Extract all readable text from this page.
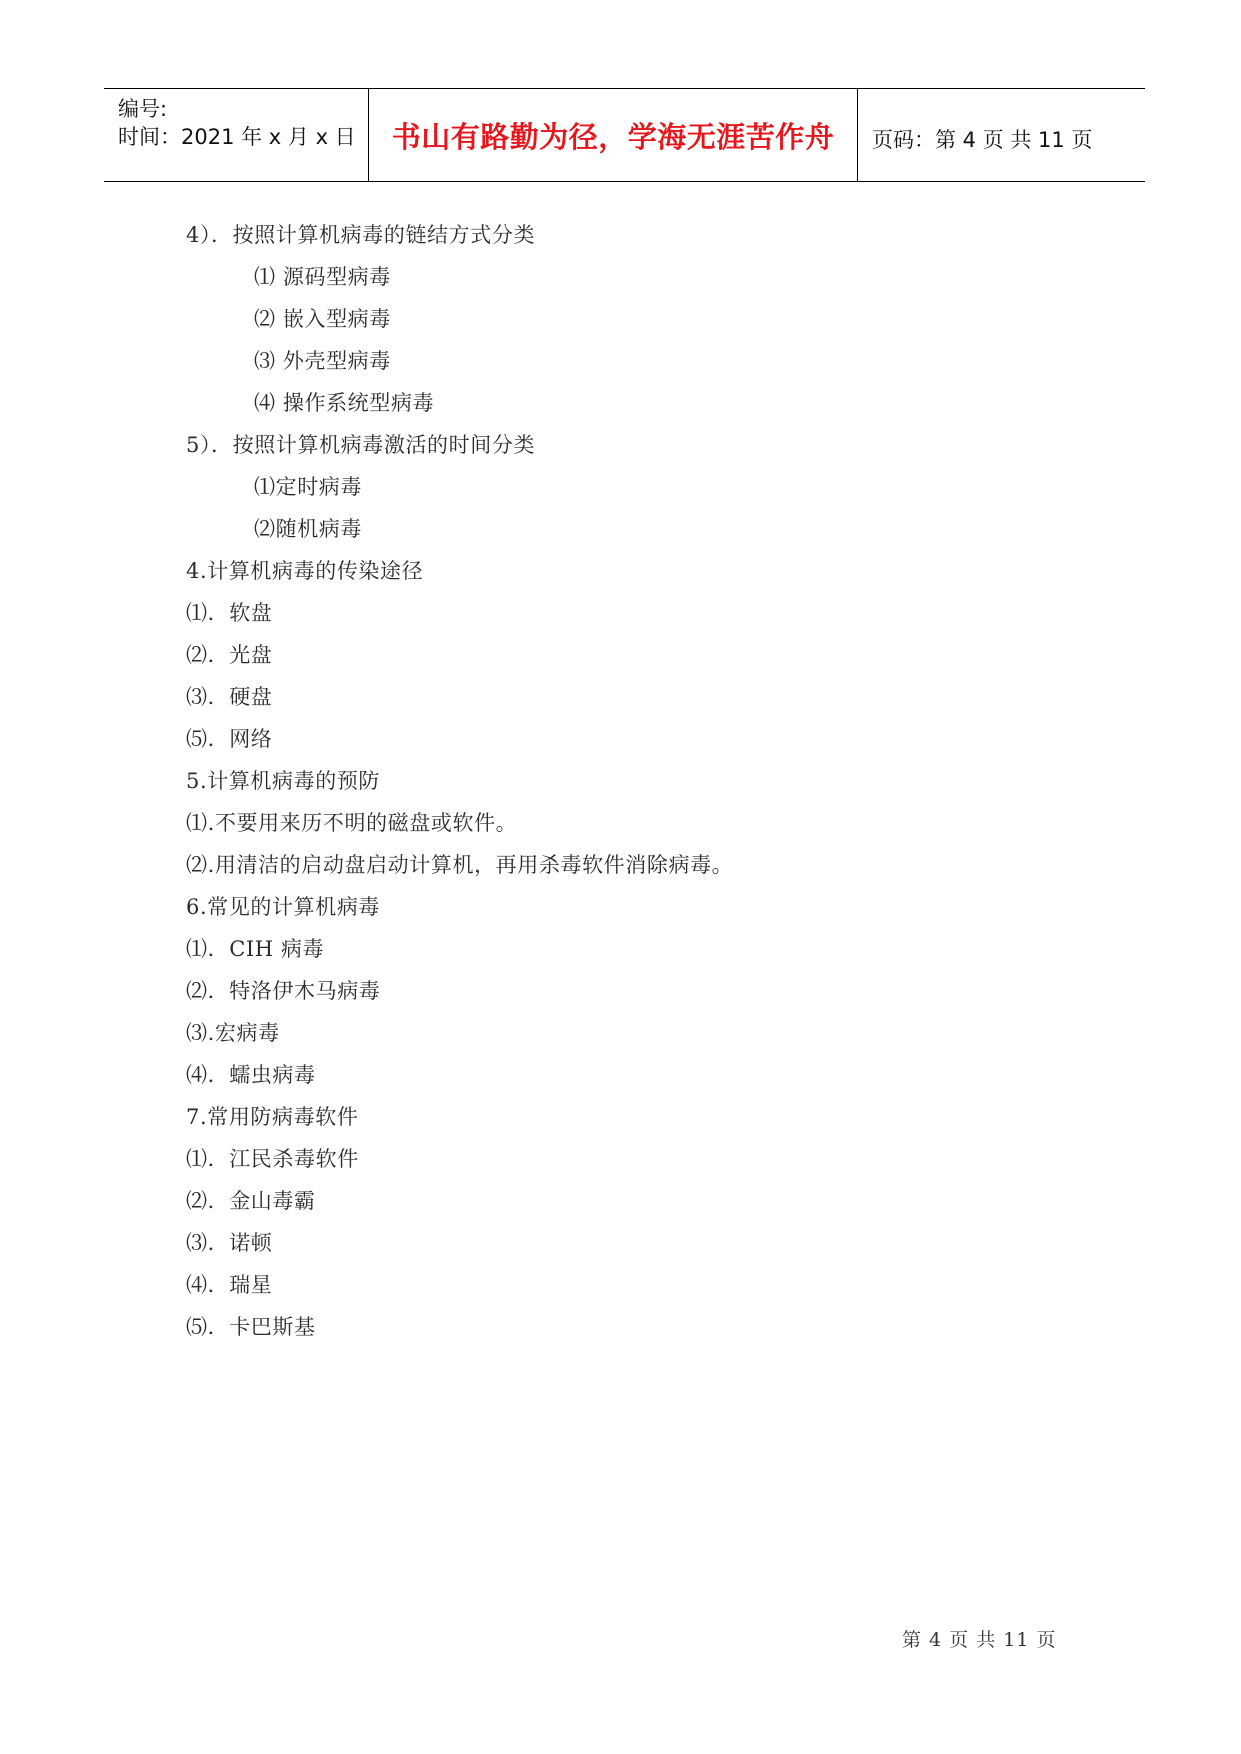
编号:
时间：2021 年 x 月 x 日	书山有路勤为径，学海无涯苦作舟	页码：第 4 页 共 11 页
4）．按照计算机病毒的链结方式分类
⑴ 源码型病毒
⑵ 嵌入型病毒
⑶ 外壳型病毒
⑷ 操作系统型病毒
5）．按照计算机病毒激活的时间分类
⑴定时病毒
⑵随机病毒
4.计算机病毒的传染途径
⑴．软盘
⑵．光盘
⑶．硬盘
⑸．网络
5.计算机病毒的预防
⑴.不要用来历不明的磁盘或软件。
⑵.用清洁的启动盘启动计算机，再用杀毒软件消除病毒。
6.常见的计算机病毒
⑴．CIH 病毒
⑵．特洛伊木马病毒
⑶.宏病毒
⑷．蠕虫病毒
7.常用防病毒软件
⑴．江民杀毒软件
⑵．金山毒霸
⑶．诺顿
⑷．瑞星
⑸．卡巴斯基
第 4 页 共 11 页
